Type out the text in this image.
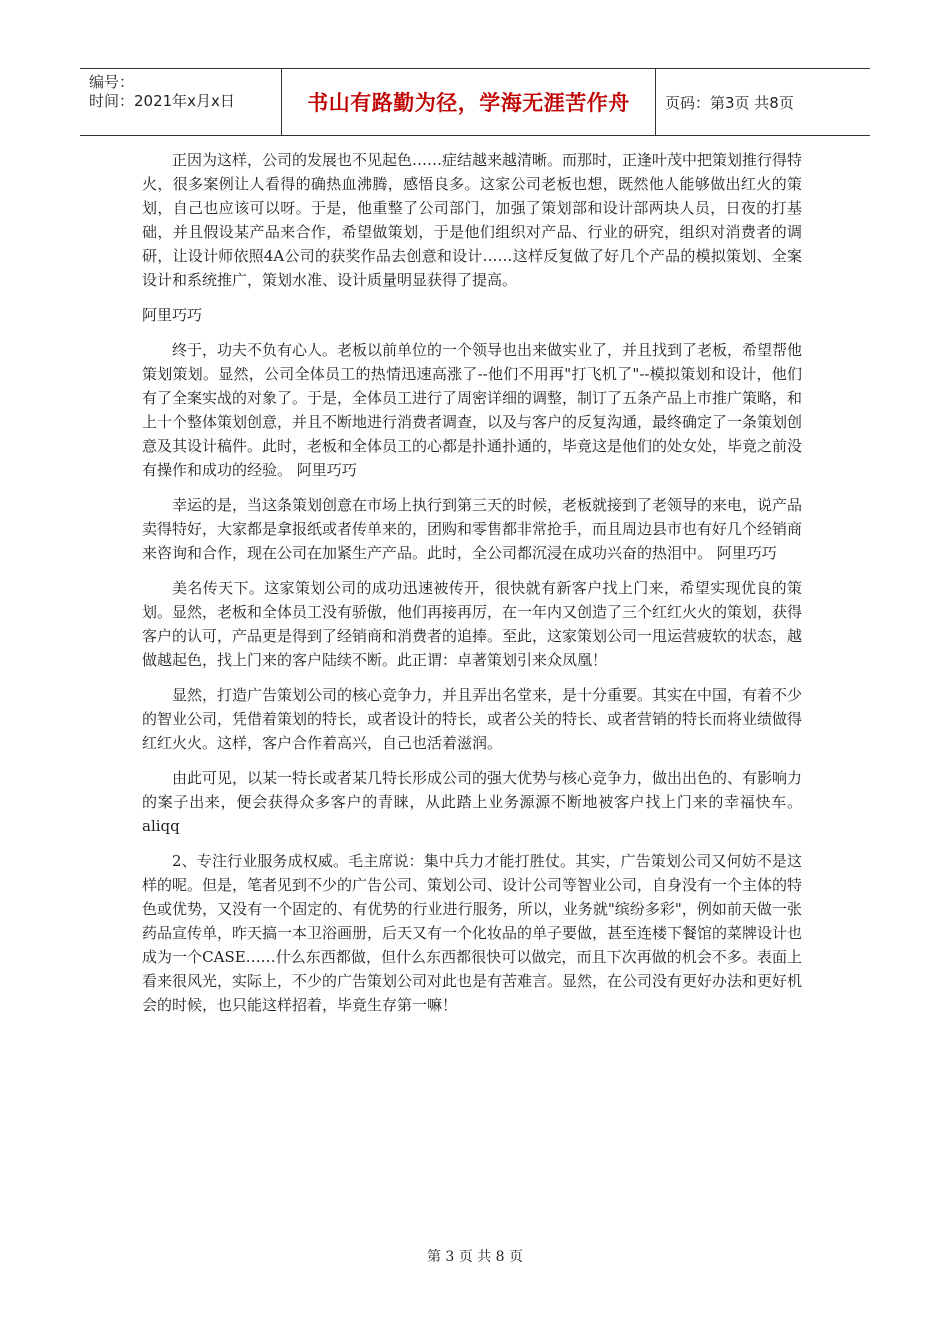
编号：
时间：2021年x月x日	书山有路勤为径，学海无涯苦作舟	页码：第3页 共8页

正因为这样，公司的发展也不见起色……症结越来越清晰。而那时，正逢叶茂中把策划推行得特火，很多案例让人看得的确热血沸腾，感悟良多。这家公司老板也想，既然他人能够做出红火的策划，自己也应该可以呀。于是，他重整了公司部门，加强了策划部和设计部两块人员，日夜的打基础，并且假设某产品来合作，希望做策划，于是他们组织对产品、行业的研究，组织对消费者的调研，让设计师依照4A公司的获奖作品去创意和设计……这样反复做了好几个产品的模拟策划、全案设计和系统推广，策划水准、设计质量明显获得了提高。

阿里巧巧

终于，功夫不负有心人。老板以前单位的一个领导也出来做实业了，并且找到了老板，希望帮他策划策划。显然，公司全体员工的热情迅速高涨了--他们不用再"打飞机了"--模拟策划和设计，他们有了全案实战的对象了。于是，全体员工进行了周密详细的调整，制订了五条产品上市推广策略，和上十个整体策划创意，并且不断地进行消费者调查，以及与客户的反复沟通，最终确定了一条策划创意及其设计稿件。此时，老板和全体员工的心都是扑通扑通的，毕竟这是他们的处女处，毕竟之前没有操作和成功的经验。 阿里巧巧

幸运的是，当这条策划创意在市场上执行到第三天的时候，老板就接到了老领导的来电，说产品卖得特好，大家都是拿报纸或者传单来的，团购和零售都非常抢手，而且周边县市也有好几个经销商来咨询和合作，现在公司在加紧生产产品。此时，全公司都沉浸在成功兴奋的热泪中。 阿里巧巧

美名传天下。这家策划公司的成功迅速被传开，很快就有新客户找上门来，希望实现优良的策划。显然，老板和全体员工没有骄傲，他们再接再厉，在一年内又创造了三个红红火火的策划，获得客户的认可，产品更是得到了经销商和消费者的追捧。至此，这家策划公司一甩运营疲软的状态，越做越起色，找上门来的客户陆续不断。此正谓：卓著策划引来众凤凰！

显然，打造广告策划公司的核心竞争力，并且弄出名堂来，是十分重要。其实在中国，有着不少的智业公司，凭借着策划的特长，或者设计的特长，或者公关的特长、或者营销的特长而将业绩做得红红火火。这样，客户合作着高兴，自己也活着滋润。

由此可见，以某一特长或者某几特长形成公司的强大优势与核心竞争力，做出出色的、有影响力的案子出来，便会获得众多客户的青睐，从此踏上业务源源不断地被客户找上门来的幸福快车。 aliqq

2、专注行业服务成权威。毛主席说：集中兵力才能打胜仗。其实，广告策划公司又何妨不是这样的呢。但是，笔者见到不少的广告公司、策划公司、设计公司等智业公司，自身没有一个主体的特色或优势，又没有一个固定的、有优势的行业进行服务，所以，业务就"缤纷多彩"，例如前天做一张药品宣传单，昨天搞一本卫浴画册，后天又有一个化妆品的单子要做，甚至连楼下餐馆的菜牌设计也成为一个CASE……什么东西都做，但什么东西都很快可以做完，而且下次再做的机会不多。表面上看来很风光，实际上，不少的广告策划公司对此也是有苦难言。显然，在公司没有更好办法和更好机会的时候，也只能这样招着，毕竟生存第一嘛！

第 3 页 共 8 页
